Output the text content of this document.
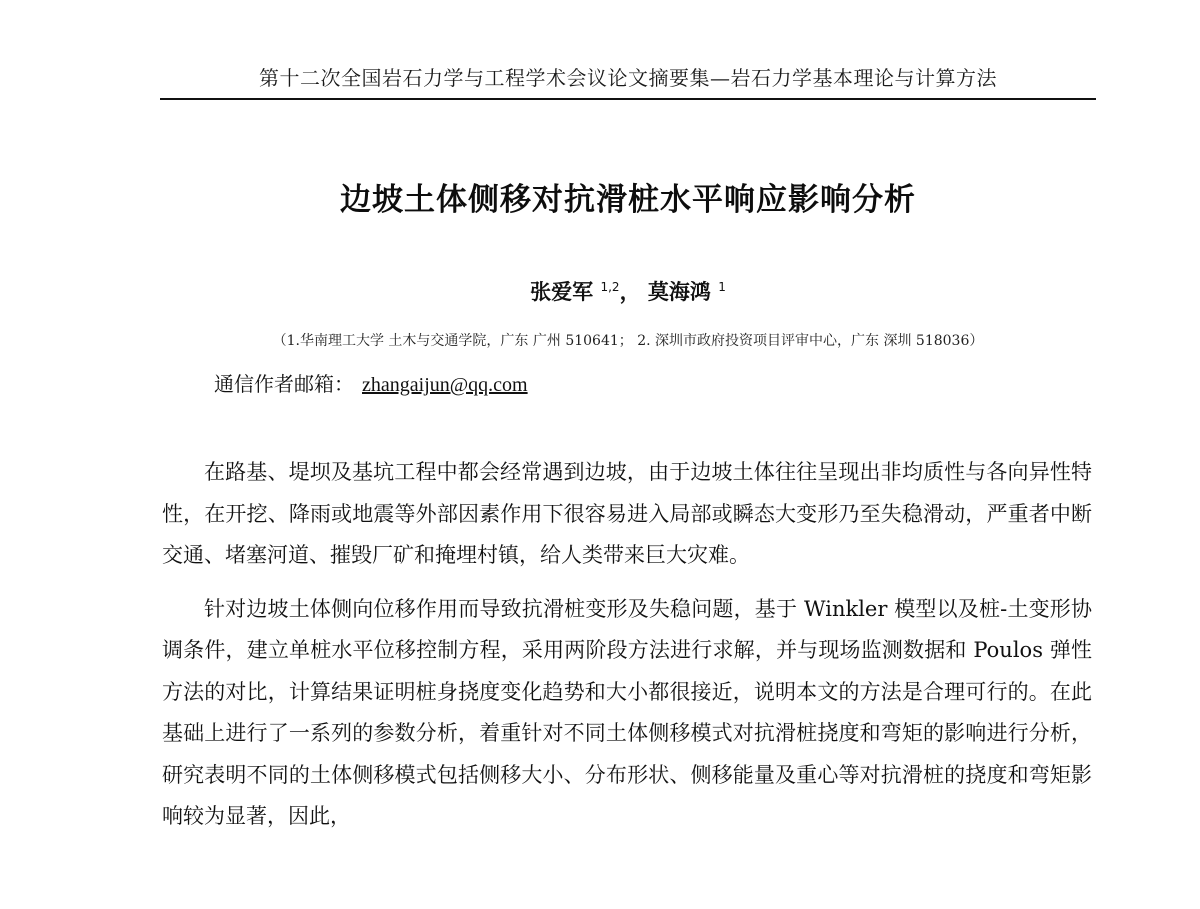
第十二次全国岩石力学与工程学术会议论文摘要集—岩石力学基本理论与计算方法
边坡土体侧移对抗滑桩水平响应影响分析
张爱军 $^{1,2}$， 莫海鸿 $^1$
（1.华南理工大学 土木与交通学院，广东 广州 510641； 2. 深圳市政府投资项目评审中心，广东 深圳 518036）
通信作者邮箱： zhangaijun@qq.com

在路基、堤坝及基坑工程中都会经常遇到边坡，由于边坡土体往往呈现出非均质性与各向异性特性，在开挖、降雨或地震等外部因素作用下很容易进入局部或瞬态大变形乃至失稳滑动，严重者中断交通、堵塞河道、摧毁厂矿和掩埋村镇，给人类带来巨大灾难。

针对边坡土体侧向位移作用而导致抗滑桩变形及失稳问题，基于 Winkler 模型以及桩-土变形协调条件，建立单桩水平位移控制方程，采用两阶段方法进行求解，并与现场监测数据和 Poulos 弹性方法的对比，计算结果证明桩身挠度变化趋势和大小都很接近，说明本文的方法是合理可行的。在此基础上进行了一系列的参数分析，着重针对不同土体侧移模式对抗滑桩挠度和弯矩的影响进行分析，研究表明不同的土体侧移模式包括侧移大小、分布形状、侧移能量及重心等对抗滑桩的挠度和弯矩影响较为显著，因此，
